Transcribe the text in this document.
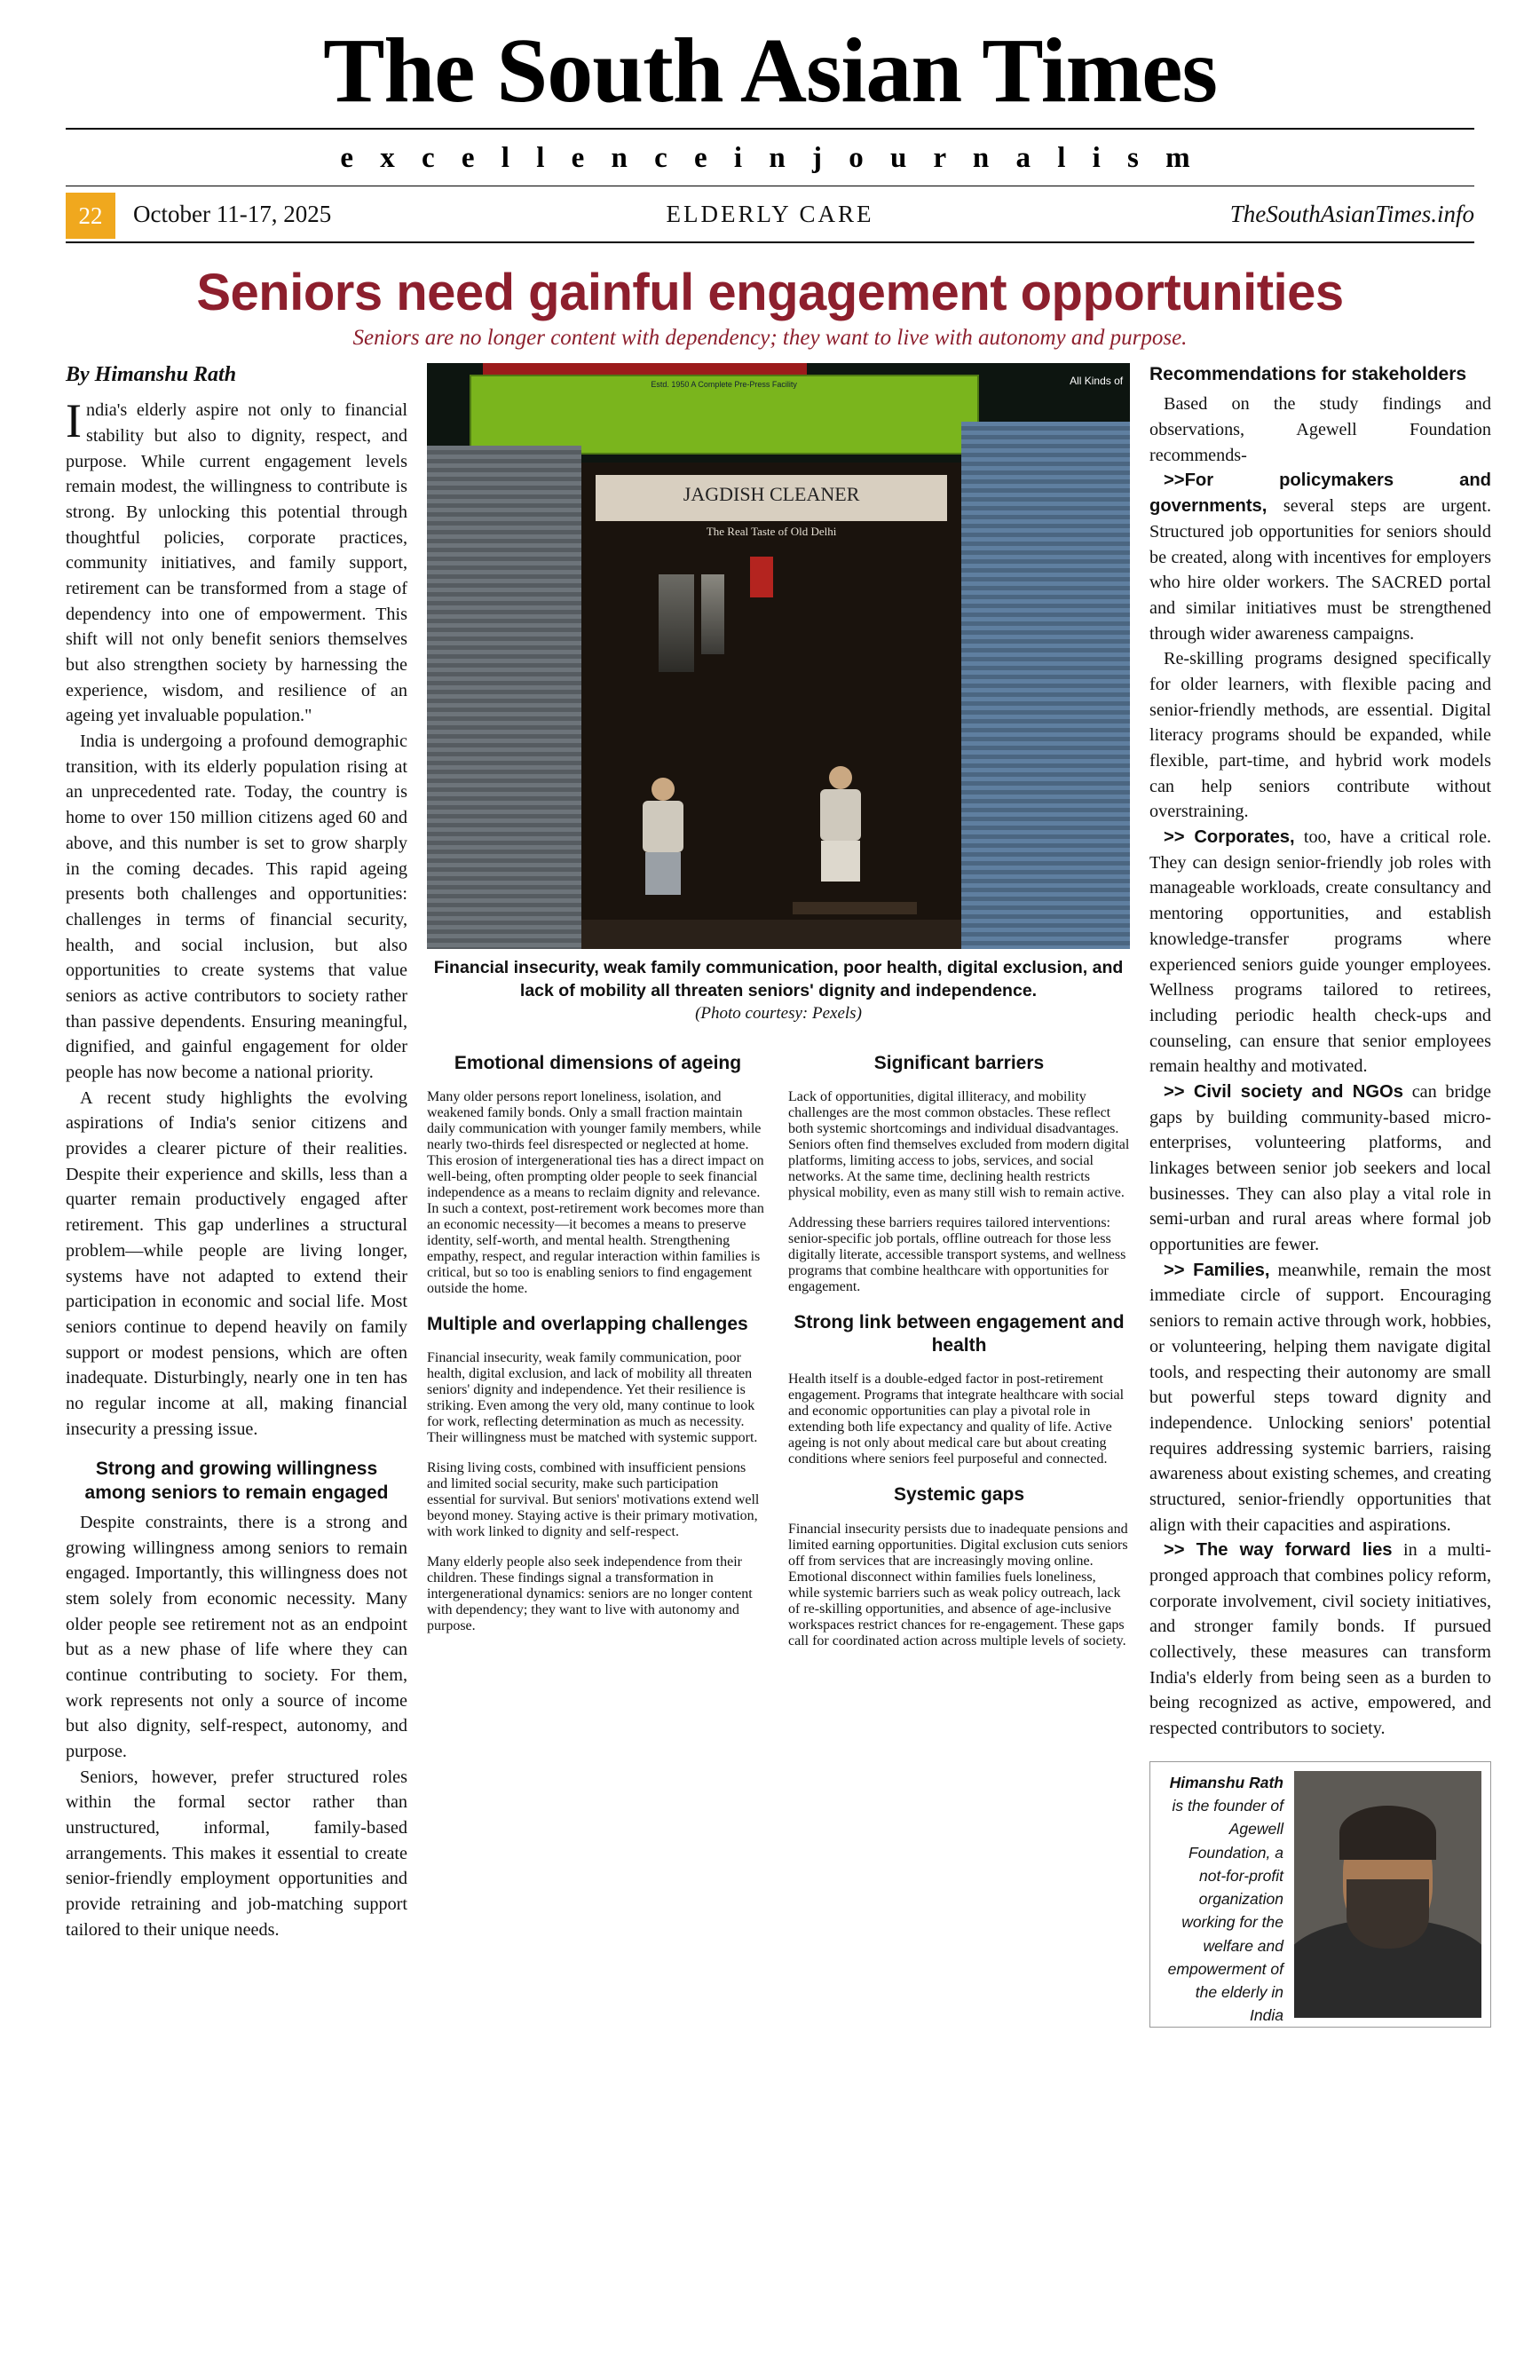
The South Asian Times
e x c e l l e n c e i n j o u r n a l i s m
22	October 11-17, 2025	ELDERLY CARE	TheSouthAsianTimes.info
Seniors need gainful engagement opportunities
Seniors are no longer content with dependency; they want to live with autonomy and purpose.
By Himanshu Rath

India's elderly aspire not only to financial stability but also to dignity, respect, and purpose. While current engagement levels remain modest, the willingness to contribute is strong. By unlocking this potential through thoughtful policies, corporate practices, community initiatives, and family support, retirement can be transformed from a stage of dependency into one of empowerment. This shift will not only benefit seniors themselves but also strengthen society by harnessing the experience, wisdom, and resilience of an ageing yet invaluable population."

India is undergoing a profound demographic transition, with its elderly population rising at an unprecedented rate. Today, the country is home to over 150 million citizens aged 60 and above, and this number is set to grow sharply in the coming decades. This rapid ageing presents both challenges and opportunities: challenges in terms of financial security, health, and social inclusion, but also opportunities to create systems that value seniors as active contributors to society rather than passive dependents. Ensuring meaningful, dignified, and gainful engagement for older people has now become a national priority.

A recent study highlights the evolving aspirations of India's senior citizens and provides a clearer picture of their realities. Despite their experience and skills, less than a quarter remain productively engaged after retirement. This gap underlines a structural problem—while people are living longer, systems have not adapted to extend their participation in economic and social life. Most seniors continue to depend heavily on family support or modest pensions, which are often inadequate. Disturbingly, nearly one in ten has no regular income at all, making financial insecurity a pressing issue.

Strong and growing willingness among seniors to remain engaged

Despite constraints, there is a strong and growing willingness among seniors to remain engaged. Importantly, this willingness does not stem solely from economic necessity. Many older people see retirement not as an endpoint but as a new phase of life where they can continue contributing to society. For them, work represents not only a source of income but also dignity, self-respect, autonomy, and purpose.

Seniors, however, prefer structured roles within the formal sector rather than unstructured, informal, family-based arrangements. This makes it essential to create senior-friendly employment opportunities and provide retraining and job-matching support tailored to their unique needs.

Estd. 1950 A Complete Pre-Press Facility	All Kinds of
JAGDISH CLEANER
The Real Taste of Old Delhi
Financial insecurity, weak family communication, poor health, digital exclusion, and lack of mobility all threaten seniors' dignity and independence.
(Photo courtesy: Pexels)
Emotional dimensions of ageing

Many older persons report loneliness, isolation, and weakened family bonds. Only a small fraction maintain daily communication with younger family members, while nearly two-thirds feel disrespected or neglected at home. This erosion of intergenerational ties has a direct impact on well-being, often prompting older people to seek financial independence as a means to reclaim dignity and relevance. In such a context, post-retirement work becomes more than an economic necessity—it becomes a means to preserve identity, self-worth, and mental health. Strengthening empathy, respect, and regular interaction within families is critical, but so too is enabling seniors to find engagement outside the home.

Multiple and overlapping challenges

Financial insecurity, weak family communication, poor health, digital exclusion, and lack of mobility all threaten seniors' dignity and independence. Yet their resilience is striking. Even among the very old, many continue to look for work, reflecting determination as much as necessity. Their willingness must be matched with systemic support.

Rising living costs, combined with insufficient pensions and limited social security, make such participation essential for survival. But seniors' motivations extend well beyond money. Staying active is their primary motivation, with work linked to dignity and self-respect.

Many elderly people also seek independence from their children. These findings signal a transformation in intergenerational dynamics: seniors are no longer content with dependency; they want to live with autonomy and purpose.

Significant barriers

Lack of opportunities, digital illiteracy, and mobility challenges are the most common obstacles. These reflect both systemic shortcomings and individual disadvantages. Seniors often find themselves excluded from modern digital platforms, limiting access to jobs, services, and social networks. At the same time, declining health restricts physical mobility, even as many still wish to remain active.

Addressing these barriers requires tailored interventions: senior-specific job portals, offline outreach for those less digitally literate, accessible transport systems, and wellness programs that combine healthcare with opportunities for engagement.

Strong link between engagement and health

Health itself is a double-edged factor in post-retirement engagement. Programs that integrate healthcare with social and economic opportunities can play a pivotal role in extending both life expectancy and quality of life. Active ageing is not only about medical care but about creating conditions where seniors feel purposeful and connected.

Systemic gaps

Financial insecurity persists due to inadequate pensions and limited earning opportunities. Digital exclusion cuts seniors off from services that are increasingly moving online. Emotional disconnect within families fuels loneliness, while systemic barriers such as weak policy outreach, lack of re-skilling opportunities, and absence of age-inclusive workspaces restrict chances for re-engagement. These gaps call for coordinated action across multiple levels of society.

Recommendations for stakeholders

Based on the study findings and observations, Agewell Foundation recommends-

>>For policymakers and governments, several steps are urgent. Structured job opportunities for seniors should be created, along with incentives for employers who hire older workers. The SACRED portal and similar initiatives must be strengthened through wider awareness campaigns.

Re-skilling programs designed specifically for older learners, with flexible pacing and senior-friendly methods, are essential. Digital literacy programs should be expanded, while flexible, part-time, and hybrid work models can help seniors contribute without overstraining.

>> Corporates, too, have a critical role. They can design senior-friendly job roles with manageable workloads, create consultancy and mentoring opportunities, and establish knowledge-transfer programs where experienced seniors guide younger employees. Wellness programs tailored to retirees, including periodic health check-ups and counseling, can ensure that senior employees remain healthy and motivated.

>> Civil society and NGOs can bridge gaps by building community-based micro-enterprises, volunteering platforms, and linkages between senior job seekers and local businesses. They can also play a vital role in semi-urban and rural areas where formal job opportunities are fewer.

>> Families, meanwhile, remain the most immediate circle of support. Encouraging seniors to remain active through work, hobbies, or volunteering, helping them navigate digital tools, and respecting their autonomy are small but powerful steps toward dignity and independence. Unlocking seniors' potential requires addressing systemic barriers, raising awareness about existing schemes, and creating structured, senior-friendly opportunities that align with their capacities and aspirations.

>> The way forward lies in a multi-pronged approach that combines policy reform, corporate involvement, civil society initiatives, and stronger family bonds. If pursued collectively, these measures can transform India's elderly from being seen as a burden to being recognized as active, empowered, and respected contributors to society.

Himanshu Rath is the founder of Agewell Foundation, a not-for-profit organization working for the welfare and empowerment of the elderly in India
